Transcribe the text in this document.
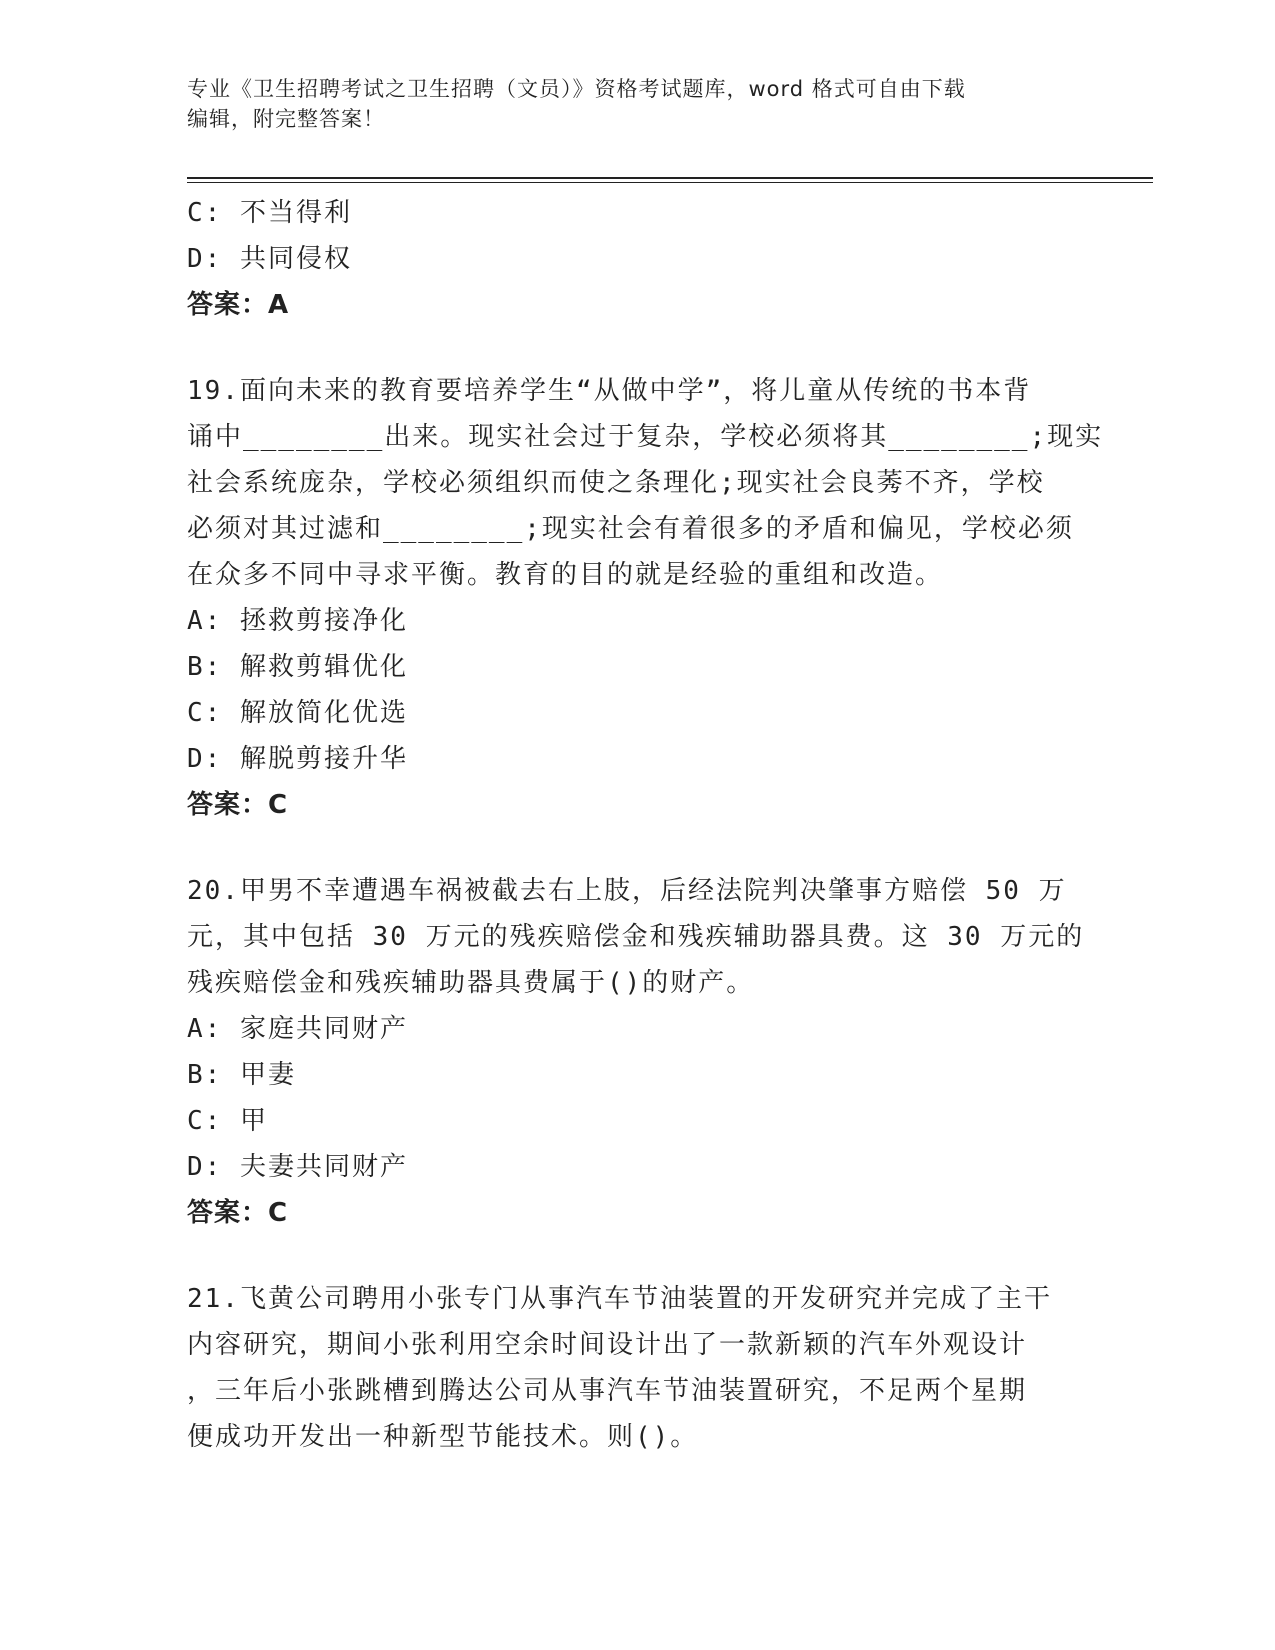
专业《卫生招聘考试之卫生招聘（文员）》资格考试题库，word 格式可自由下载
编辑，附完整答案！
C: 不当得利
D: 共同侵权
答案：A
19.面向未来的教育要培养学生“从做中学”，将儿童从传统的书本背
诵中________出来。现实社会过于复杂，学校必须将其________;现实
社会系统庞杂，学校必须组织而使之条理化;现实社会良莠不齐，学校
必须对其过滤和________;现实社会有着很多的矛盾和偏见，学校必须
在众多不同中寻求平衡。教育的目的就是经验的重组和改造。
A: 拯救剪接净化
B: 解救剪辑优化
C: 解放简化优选
D: 解脱剪接升华
答案：C
20.甲男不幸遭遇车祸被截去右上肢，后经法院判决肇事方赔偿 50 万
元，其中包括 30 万元的残疾赔偿金和残疾辅助器具费。这 30 万元的
残疾赔偿金和残疾辅助器具费属于()的财产。
A: 家庭共同财产
B: 甲妻
C: 甲
D: 夫妻共同财产
答案：C
21.飞黄公司聘用小张专门从事汽车节油装置的开发研究并完成了主干
内容研究，期间小张利用空余时间设计出了一款新颖的汽车外观设计
，三年后小张跳槽到腾达公司从事汽车节油装置研究，不足两个星期
便成功开发出一种新型节能技术。则()。
